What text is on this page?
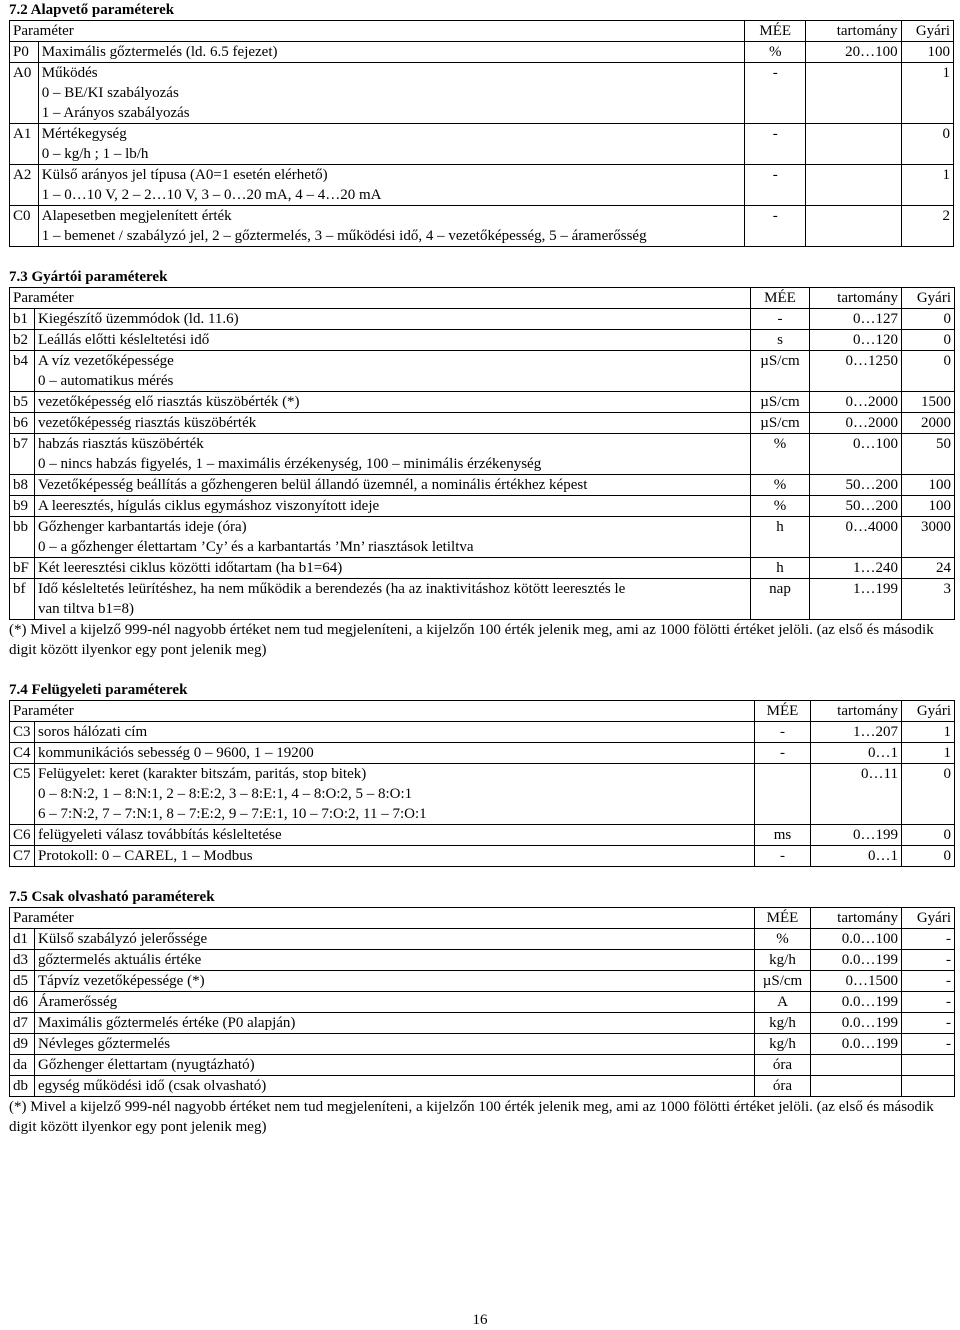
7.2 Alapvető paraméterek
Paraméter		MÉE	tartomány	Gyári
P0	Maximális gőztermelés (ld. 6.5 fejezet)	%	20…100	100
A0	Működés
0 – BE/KI szabályozás
1 – Arányos szabályozás	-		1
A1	Mértékegység
0 – kg/h ; 1 – lb/h	-		0
A2	Külső arányos jel típusa (A0=1 esetén elérhető)
1 – 0…10 V, 2 – 2…10 V, 3 – 0…20 mA, 4 – 4…20 mA	-		1
C0	Alapesetben megjelenített érték
1 – bemenet / szabályzó jel, 2 – gőztermelés, 3 – működési idő, 4 – vezetőképesség, 5 – áramerősség	-		2
7.3 Gyártói paraméterek
Paraméter		MÉE	tartomány	Gyári
b1	Kiegészítő üzemmódok (ld. 11.6)	-	0…127	0
b2	Leállás előtti késleltetési idő	s	0…120	0
b4	A víz vezetőképessége
0 – automatikus mérés	µS/cm	0…1250	0
b5	vezetőképesség elő riasztás küszöbérték (*)	µS/cm	0…2000	1500
b6	vezetőképesség riasztás küszöbérték	µS/cm	0…2000	2000
b7	habzás riasztás küszöbérték
0 – nincs habzás figyelés, 1 – maximális érzékenység, 100 – minimális érzékenység	%	0…100	50
b8	Vezetőképesség beállítás a gőzhengeren belül állandó üzemnél, a nominális értékhez képest	%	50…200	100
b9	A leeresztés, hígulás ciklus egymáshoz viszonyított ideje	%	50…200	100
bb	Gőzhenger karbantartás ideje (óra)
0 – a gőzhenger élettartam ’Cy’ és a karbantartás ’Mn’ riasztások letiltva	h	0…4000	3000
bF	Két leeresztési ciklus közötti időtartam (ha b1=64)	h	1…240	24
bf	Idő késleltetés leürítéshez, ha nem működik a berendezés (ha az inaktivitáshoz kötött leeresztés le
van tiltva b1=8)	nap	1…199	3

(*) Mivel a kijelző 999-nél nagyobb értéket nem tud megjeleníteni, a kijelzőn 100 érték jelenik meg, ami az 1000 fölötti értéket jelöli. (az első és második digit között ilyenkor egy pont jelenik meg)

7.4 Felügyeleti paraméterek
Paraméter		MÉE	tartomány	Gyári
C3	soros hálózati cím	-	1…207	1
C4	kommunikációs sebesség 0 – 9600, 1 – 19200	-	0…1	1
C5	Felügyelet: keret (karakter bitszám, paritás, stop bitek)
0 – 8:N:2, 1 – 8:N:1, 2 – 8:E:2, 3 – 8:E:1, 4 – 8:O:2, 5 – 8:O:1
6 – 7:N:2, 7 – 7:N:1, 8 – 7:E:2, 9 – 7:E:1, 10 – 7:O:2, 11 – 7:O:1		0…11	0
C6	felügyeleti válasz továbbítás késleltetése	ms	0…199	0
C7	Protokoll: 0 – CAREL, 1 – Modbus	-	0…1	0
7.5 Csak olvasható paraméterek
Paraméter		MÉE	tartomány	Gyári
d1	Külső szabályzó jelerőssége	%	0.0…100	-
d3	gőztermelés aktuális értéke	kg/h	0.0…199	-
d5	Tápvíz vezetőképessége (*)	µS/cm	0…1500	-
d6	Áramerősség	A	0.0…199	-
d7	Maximális gőztermelés értéke (P0 alapján)	kg/h	0.0…199	-
d9	Névleges gőztermelés	kg/h	0.0…199	-
da	Gőzhenger élettartam (nyugtázható)	óra		
db	egység működési idő (csak olvasható)	óra		

(*) Mivel a kijelző 999-nél nagyobb értéket nem tud megjeleníteni, a kijelzőn 100 érték jelenik meg, ami az 1000 fölötti értéket jelöli. (az első és második digit között ilyenkor egy pont jelenik meg)

16
